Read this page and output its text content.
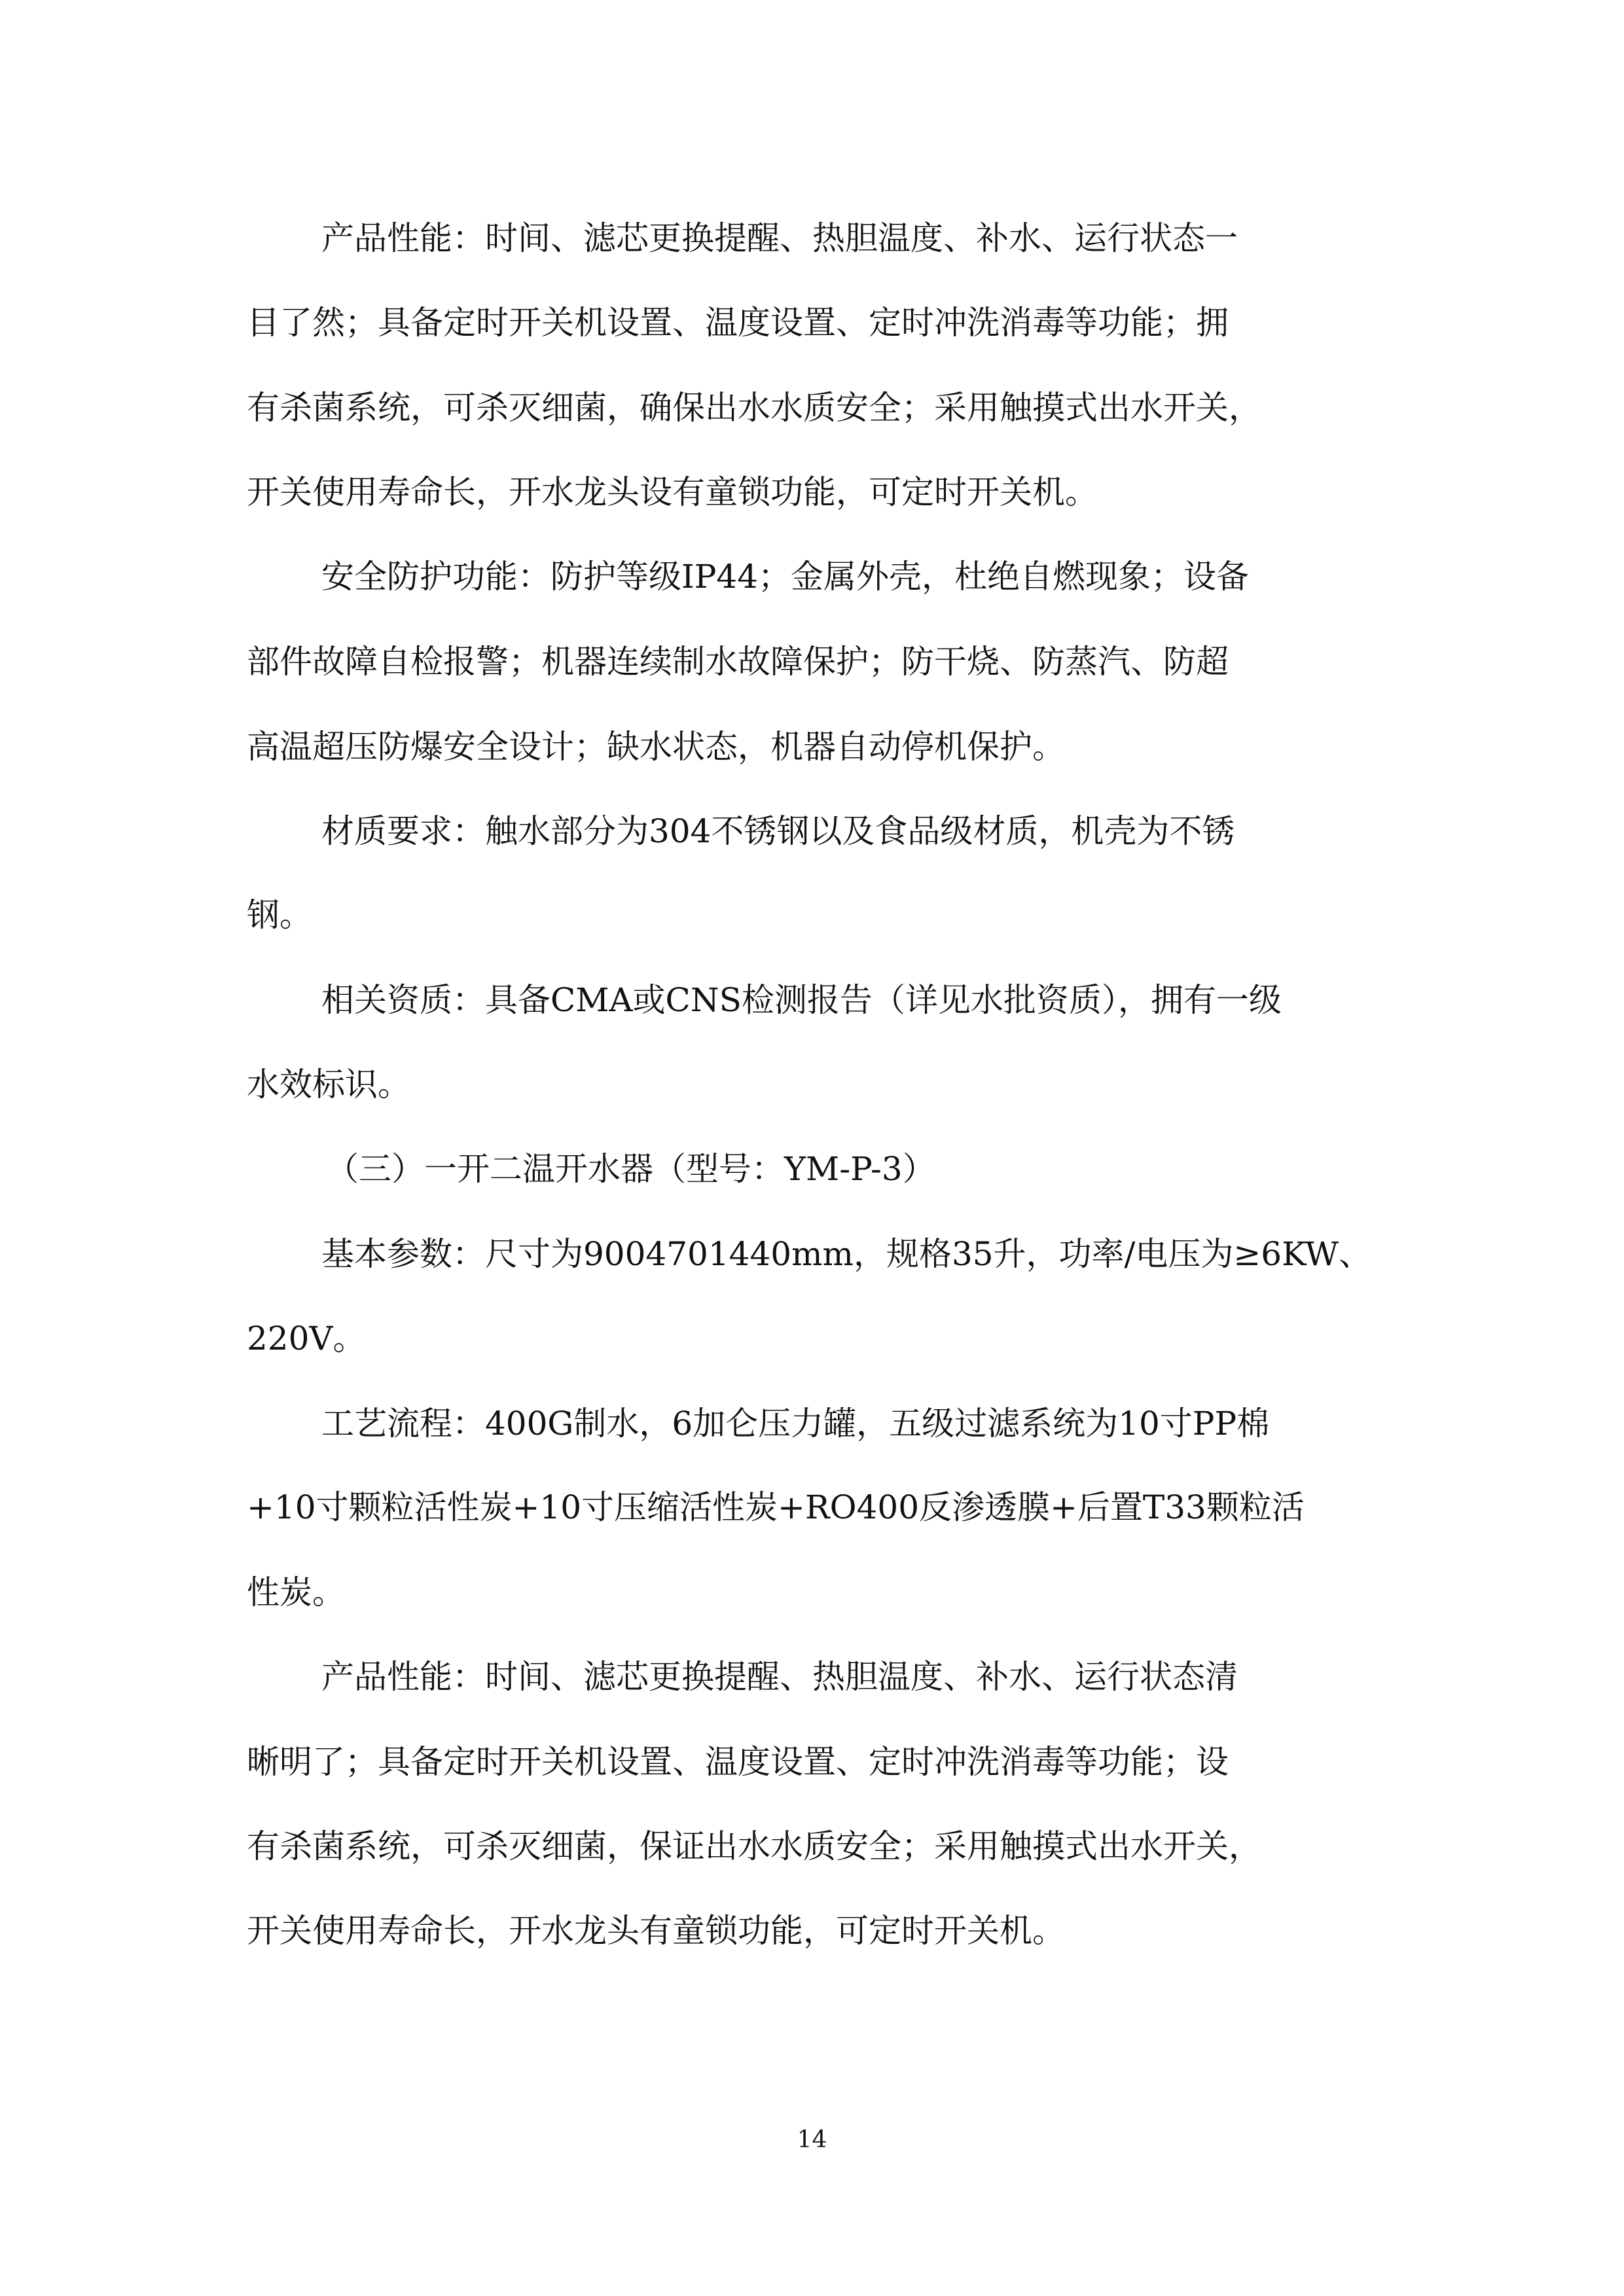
产品性能：时间、滤芯更换提醒、热胆温度、补水、运行状态一
目了然；具备定时开关机设置、温度设置、定时冲洗消毒等功能；拥
有杀菌系统，可杀灭细菌，确保出水水质安全；采用触摸式出水开关，
开关使用寿命长，开水龙头设有童锁功能，可定时开关机。
安全防护功能：防护等级IP44；金属外壳，杜绝自燃现象；设备
部件故障自检报警；机器连续制水故障保护；防干烧、防蒸汽、防超
高温超压防爆安全设计；缺水状态，机器自动停机保护。
材质要求：触水部分为304不锈钢以及食品级材质，机壳为不锈
钢。
相关资质：具备CMA或CNS检测报告（详见水批资质），拥有一级
水效标识。
（三）一开二温开水器（型号：YM-P-3）
基本参数：尺寸为9004701440mm，规格35升，功率/电压为≥6KW、
220V。
工艺流程：400G制水，6加仑压力罐，五级过滤系统为10寸PP棉
+10寸颗粒活性炭+10寸压缩活性炭+RO400反渗透膜+后置T33颗粒活
性炭。
产品性能：时间、滤芯更换提醒、热胆温度、补水、运行状态清
晰明了；具备定时开关机设置、温度设置、定时冲洗消毒等功能；设
有杀菌系统，可杀灭细菌，保证出水水质安全；采用触摸式出水开关，
开关使用寿命长，开水龙头有童锁功能，可定时开关机。
14
